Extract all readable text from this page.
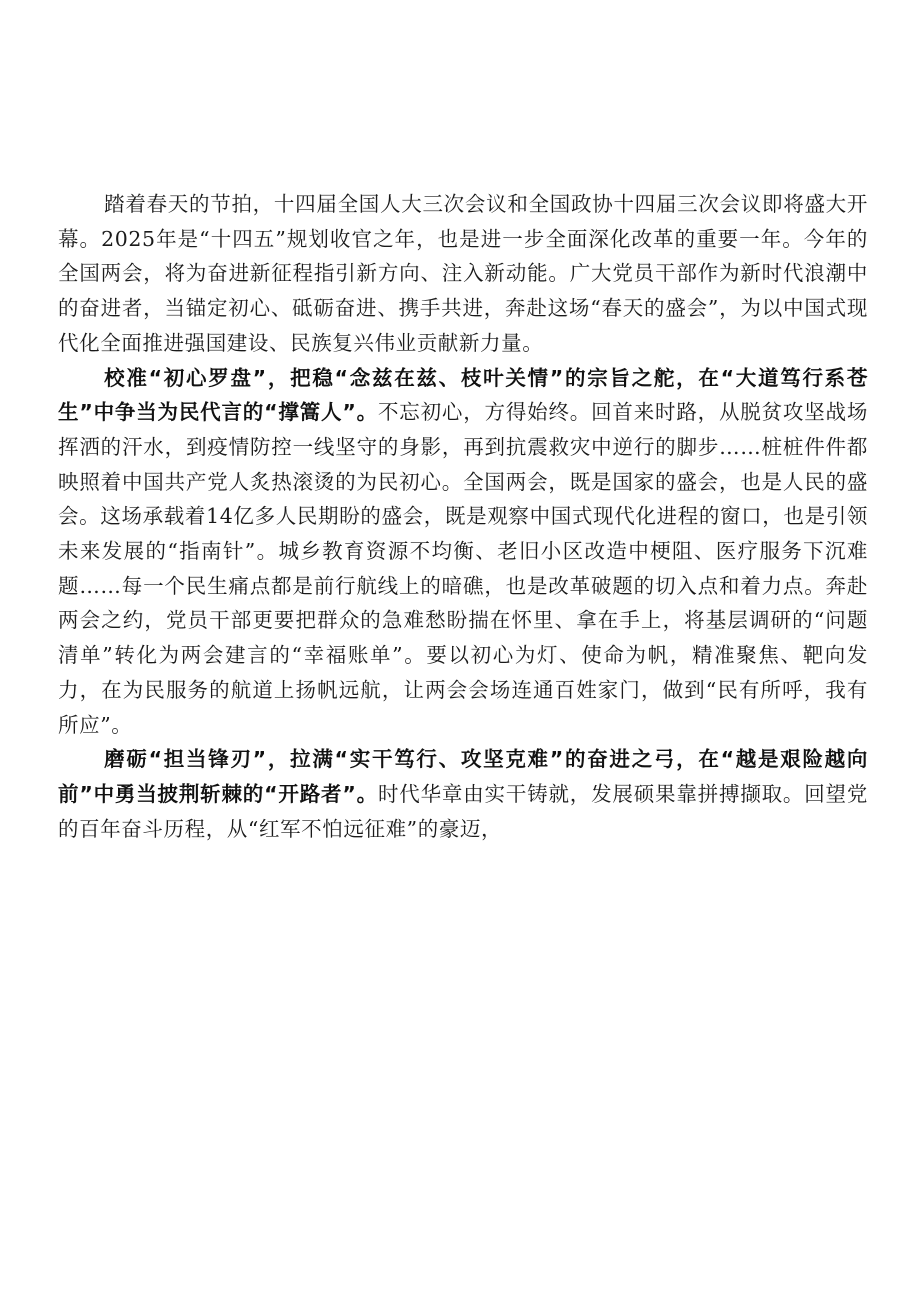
踏着春天的节拍，十四届全国人大三次会议和全国政协十四届三次会议即将盛大开幕。2025年是“十四五”规划收官之年，也是进一步全面深化改革的重要一年。今年的全国两会，将为奋进新征程指引新方向、注入新动能。广大党员干部作为新时代浪潮中的奋进者，当锚定初心、砥砺奋进、携手共进，奔赴这场“春天的盛会”，为以中国式现代化全面推进强国建设、民族复兴伟业贡献新力量。

校准“初心罗盘”，把稳“念兹在兹、枝叶关情”的宗旨之舵，在“大道笃行系苍生”中争当为民代言的“撑篙人”。不忘初心，方得始终。回首来时路，从脱贫攻坚战场挥洒的汗水，到疫情防控一线坚守的身影，再到抗震救灾中逆行的脚步……桩桩件件都映照着中国共产党人炙热滚烫的为民初心。全国两会，既是国家的盛会，也是人民的盛会。这场承载着14亿多人民期盼的盛会，既是观察中国式现代化进程的窗口，也是引领未来发展的“指南针”。城乡教育资源不均衡、老旧小区改造中梗阻、医疗服务下沉难题……每一个民生痛点都是前行航线上的暗礁，也是改革破题的切入点和着力点。奔赴两会之约，党员干部更要把群众的急难愁盼揣在怀里、拿在手上，将基层调研的“问题清单”转化为两会建言的“幸福账单”。要以初心为灯、使命为帆，精准聚焦、靶向发力，在为民服务的航道上扬帆远航，让两会会场连通百姓家门，做到“民有所呼，我有所应”。

磨砺“担当锋刃”，拉满“实干笃行、攻坚克难”的奋进之弓，在“越是艰险越向前”中勇当披荆斩棘的“开路者”。时代华章由实干铸就，发展硕果靠拼搏撷取。回望党的百年奋斗历程，从“红军不怕远征难”的豪迈，
